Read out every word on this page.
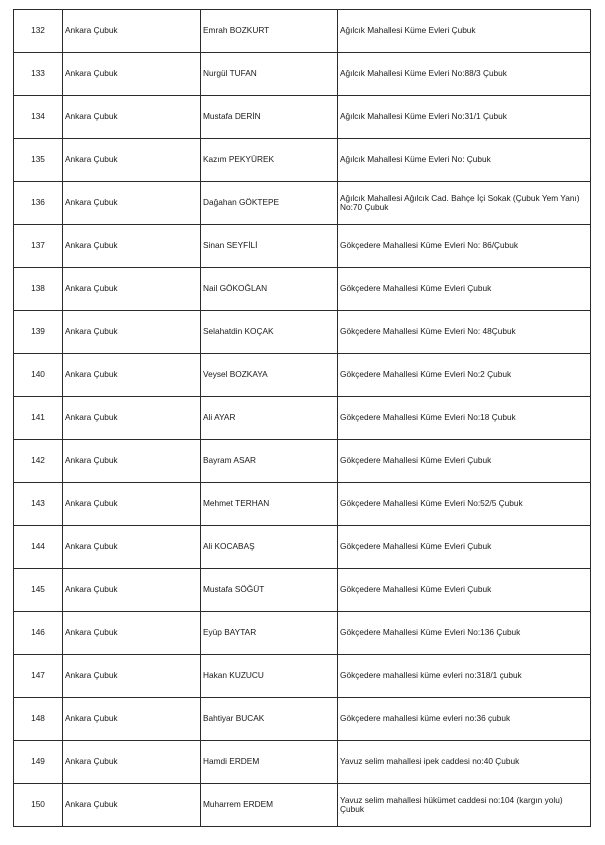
132	Ankara Çubuk	Emrah BOZKURT	Ağılcık Mahallesi Küme Evleri Çubuk
133	Ankara Çubuk	Nurgül TUFAN	Ağılcık Mahallesi Küme Evleri No:88/3 Çubuk
134	Ankara Çubuk	Mustafa DERİN	Ağılcık Mahallesi Küme Evleri No:31/1 Çubuk
135	Ankara Çubuk	Kazım PEKYÜREK	Ağılcık Mahallesi Küme Evleri No: Çubuk
136	Ankara Çubuk	Dağahan GÖKTEPE	Ağılcık Mahallesi Ağılcık Cad. Bahçe İçi Sokak (Çubuk Yem Yanı) No:70 Çubuk
137	Ankara Çubuk	Sinan SEYFİLİ	Gökçedere Mahallesi Küme Evleri No: 86/Çubuk
138	Ankara Çubuk	Nail GÖKOĞLAN	Gökçedere Mahallesi Küme Evleri Çubuk
139	Ankara Çubuk	Selahatdin KOÇAK	Gökçedere Mahallesi Küme Evleri No: 48Çubuk
140	Ankara Çubuk	Veysel BOZKAYA	Gökçedere Mahallesi Küme Evleri No:2 Çubuk
141	Ankara Çubuk	Ali AYAR	Gökçedere Mahallesi Küme Evleri No:18 Çubuk
142	Ankara Çubuk	Bayram ASAR	Gökçedere Mahallesi Küme Evleri Çubuk
143	Ankara Çubuk	Mehmet TERHAN	Gökçedere Mahallesi Küme Evleri No:52/5 Çubuk
144	Ankara Çubuk	Ali KOCABAŞ	Gökçedere Mahallesi Küme Evleri Çubuk
145	Ankara Çubuk	Mustafa SÖĞÜT	Gökçedere Mahallesi Küme Evleri Çubuk
146	Ankara Çubuk	Eyüp BAYTAR	Gökçedere Mahallesi Küme Evleri No:136 Çubuk
147	Ankara Çubuk	Hakan KUZUCU	Gökçedere mahallesi küme evleri no:318/1 çubuk
148	Ankara Çubuk	Bahtiyar BUCAK	Gökçedere mahallesi küme evleri no:36 çubuk
149	Ankara Çubuk	Hamdi ERDEM	Yavuz selim mahallesi ipek caddesi no:40 Çubuk
150	Ankara Çubuk	Muharrem ERDEM	Yavuz selim mahallesi hükümet caddesi no:104 (kargın yolu) Çubuk
